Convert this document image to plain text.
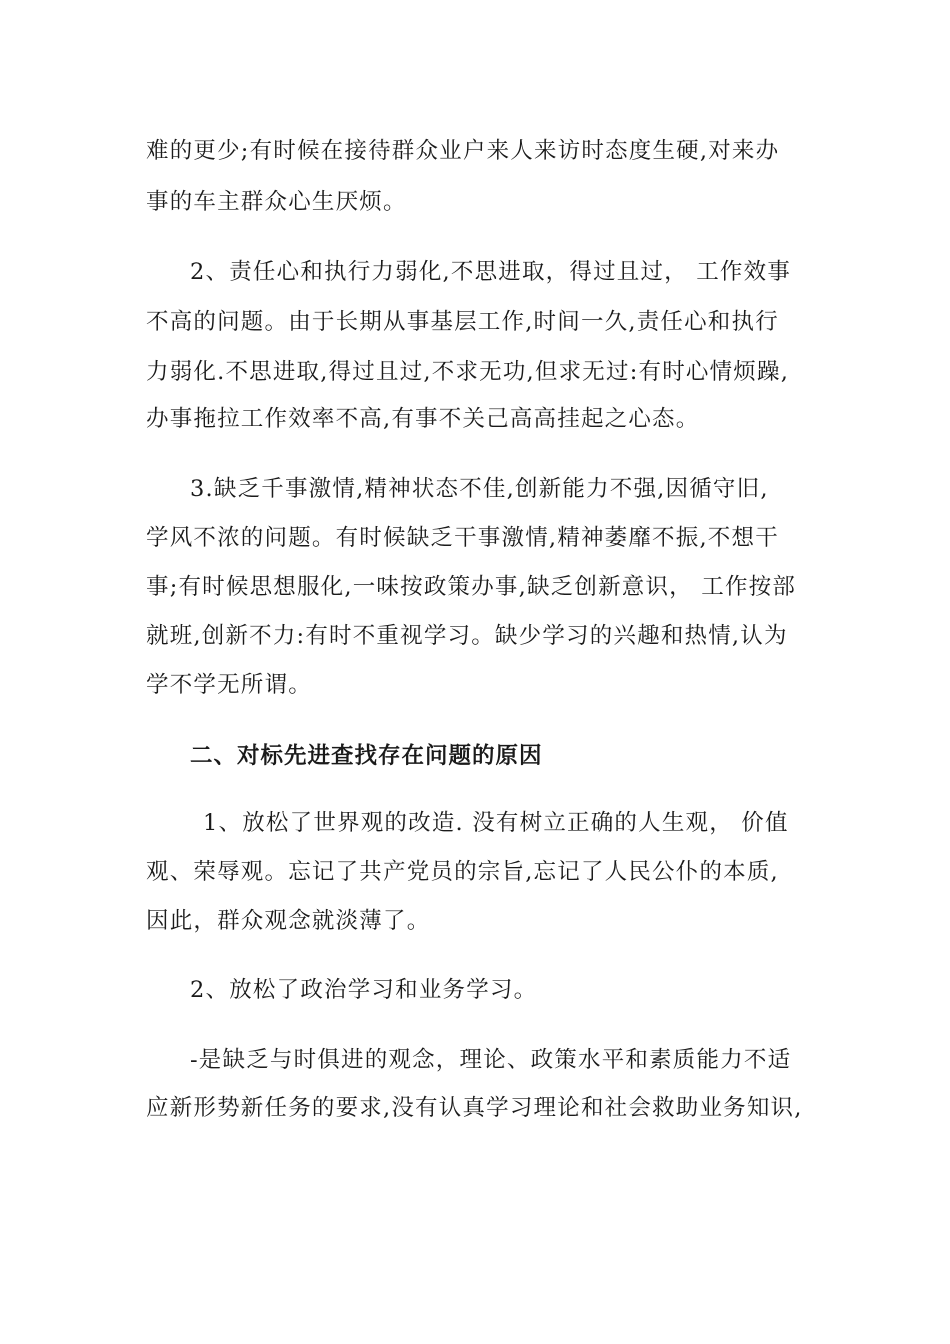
难的更少;有时候在接待群众业户来人来访时态度生硬,对来办
事的车主群众心生厌烦。
2、责任心和执行力弱化,不思进取，得过且过， 工作效事
不高的问题。由于长期从事基层工作,时间一久,责任心和执行
力弱化.不思进取,得过且过,不求无功,但求无过:有时心情烦躁,
办事拖拉工作效率不高,有事不关己高高挂起之心态。
3.缺乏千事激情,精神状态不佳,创新能力不强,因循守旧,
学风不浓的问题。有时候缺乏干事激情,精神萎靡不振,不想干
事;有时候思想服化,一味按政策办事,缺乏创新意识， 工作按部
就班,创新不力:有时不重视学习。缺少学习的兴趣和热情,认为
学不学无所谓。
二、对标先进查找存在问题的原因
1、放松了世界观的改造. 没有树立正确的人生观， 价值
观、荣辱观。忘记了共产党员的宗旨,忘记了人民公仆的本质,
因此，群众观念就淡薄了。
2、放松了政治学习和业务学习。
-是缺乏与时俱进的观念，理论、政策水平和素质能力不适
应新形势新任务的要求,没有认真学习理论和社会救助业务知识,
